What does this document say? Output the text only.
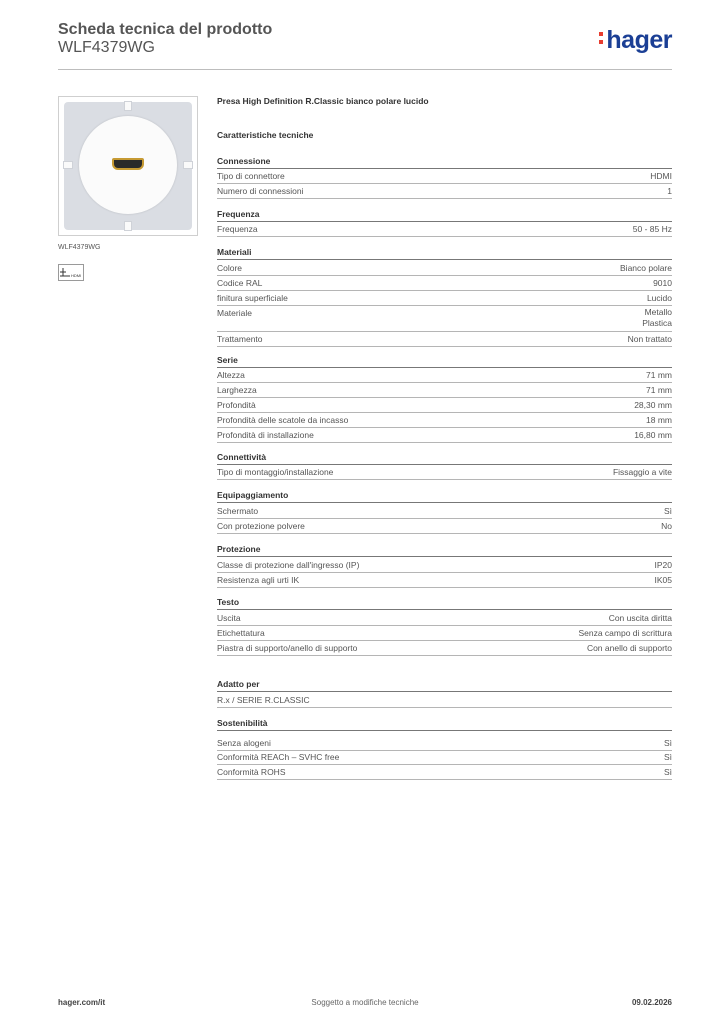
Scheda tecnica del prodotto
WLF4379WG	hager
WLF4379WG
HDMI
Presa High Definition R.Classic bianco polare lucido
Caratteristiche tecniche
Connessione
Tipo di connettore	HDMI
Numero di connessioni	1
Frequenza
Frequenza	50 - 85 Hz
Materiali
Colore	Bianco polare
Codice RAL	9010
finitura superficiale	Lucido
Materiale	Metallo
Plastica
Trattamento	Non trattato
Serie
Altezza	71 mm
Larghezza	71 mm
Profondità	28,30 mm
Profondità delle scatole da incasso	18 mm
Profondità di installazione	16,80 mm
Connettività
Tipo di montaggio/installazione	Fissaggio a vite
Equipaggiamento
Schermato	Sì
Con protezione polvere	No
Protezione
Classe di protezione dall'ingresso (IP)	IP20
Resistenza agli urti IK	IK05
Testo
Uscita	Con uscita diritta
Etichettatura	Senza campo di scrittura
Piastra di supporto/anello di supporto	Con anello di supporto
Adatto per
R.x / SERIE R.CLASSIC
Sostenibilità
Senza alogeni	Sì
Conformità REACh – SVHC free	Sì
Conformità ROHS	Sì
hager.com/it	Soggetto a modifiche tecniche	09.02.2026
